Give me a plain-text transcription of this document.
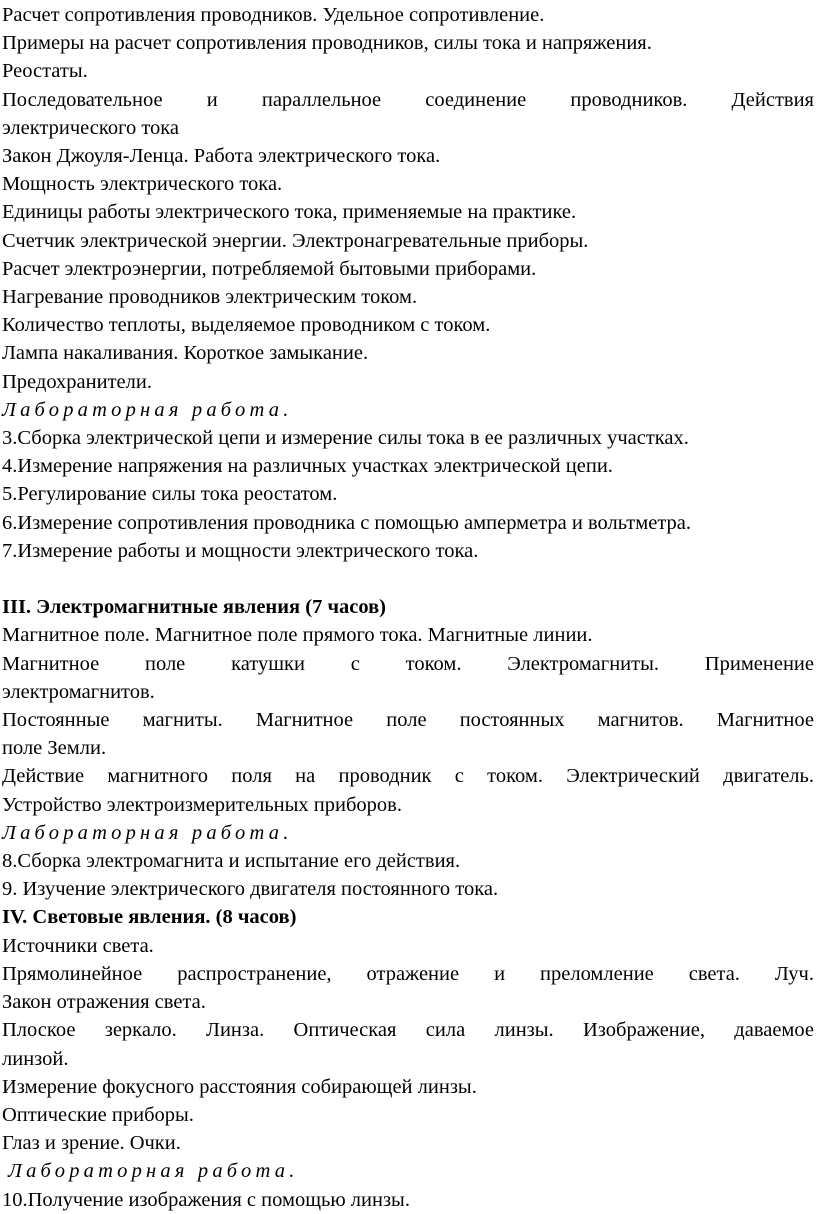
Расчет сопротивления проводников. Удельное сопротивление.

Примеры на расчет сопротивления проводников, силы тока и напряжения.

Реостаты.

Последовательное и параллельное соединение проводников. Действия

электрического тока

Закон Джоуля-Ленца. Работа электрического тока.

Мощность электрического тока.

Единицы работы электрического тока, применяемые на практике.

Счетчик электрической энергии. Электронагревательные приборы.

Расчет электроэнергии, потребляемой бытовыми приборами.

Нагревание проводников электрическим током.

Количество теплоты, выделяемое проводником с током.

Лампа накаливания. Короткое замыкание.

Предохранители.

Лабораторная работа.

3.Сборка электрической цепи и измерение силы тока в ее различных участках.

4.Измерение напряжения на различных участках электрической цепи.

5.Регулирование силы тока реостатом.

6.Измерение сопротивления проводника с помощью амперметра и вольтметра.

7.Измерение работы и мощности электрического тока.

III. Электромагнитные явления (7 часов)

Магнитное поле. Магнитное поле прямого тока. Магнитные линии.

Магнитное поле катушки с током. Электромагниты. Применение

электромагнитов.

Постоянные магниты. Магнитное поле постоянных магнитов. Магнитное

поле Земли.

Действие магнитного поля на проводник с током. Электрический двигатель.

Устройство электроизмерительных приборов.

Лабораторная работа.

8.Сборка электромагнита и испытание его действия.

9. Изучение электрического двигателя постоянного тока.

IV. Световые явления. (8 часов)

Источники света.

Прямолинейное распространение, отражение и преломление света. Луч.

Закон отражения света.

Плоское зеркало. Линза. Оптическая сила линзы. Изображение, даваемое

линзой.

Измерение фокусного расстояния собирающей линзы.

Оптические приборы.

Глаз и зрение. Очки.

Лабораторная работа.

10.Получение изображения с помощью линзы.
